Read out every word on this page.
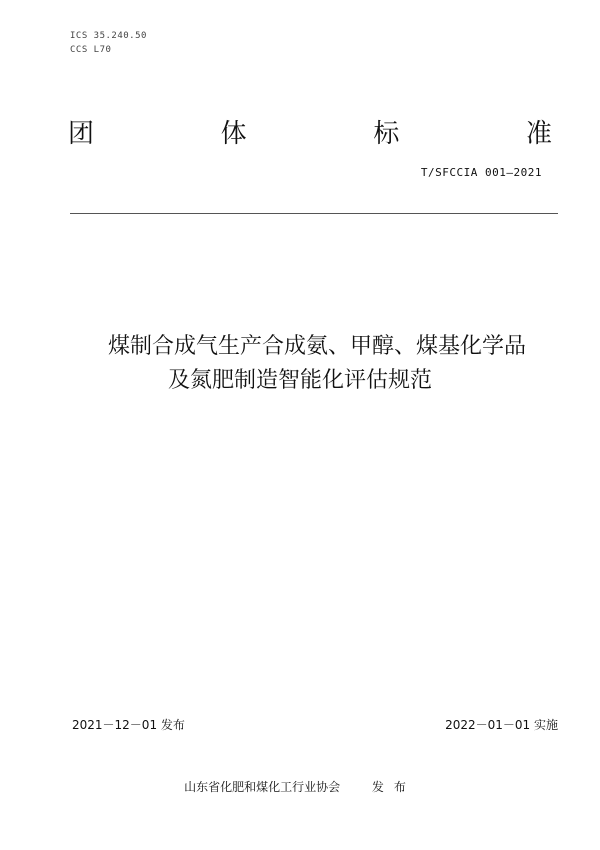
ICS 35.240.50
CCS L70
团	体	标	准
T/SFCCIA 001—2021
煤制合成气生产合成氨、甲醇、煤基化学品
及氮肥制造智能化评估规范
2021－12－01 发布	2022－01－01 实施
山东省化肥和煤化工行业协会	发布
